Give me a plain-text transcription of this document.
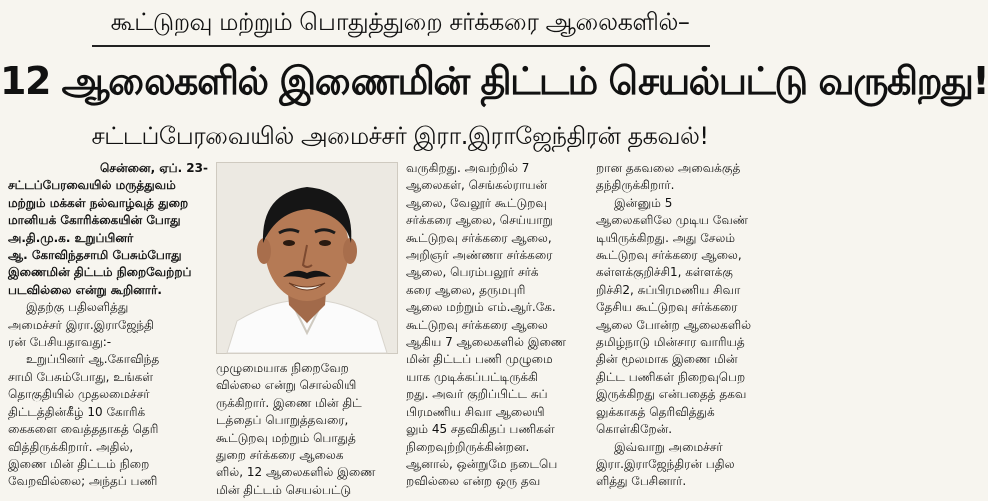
கூட்டுறவு மற்றும் பொதுத்துறை சர்க்கரை ஆலைகளில்–
12 ஆலைகளில் இணைமின் திட்டம் செயல்பட்டு வருகிறது!
சட்டப்பேரவையில் அமைச்சர் இரா.இராஜேந்திரன் தகவல்!

சென்னை, ஏப். 23-

சட்டப்பேரவையில் மருத்துவம்

மற்றும் மக்கள் நல்வாழ்வுத் துறை

மானியக் கோரிக்கையின் போது

அ.தி.மு.க. உறுப்பினர்

ஆ. கோவிந்தசாமி பேசும்போது

இணைமின் திட்டம் நிறைவேற்றப்

படவில்லை என்று கூறினார்.

இதற்கு பதிலளித்து

அமைச்சர் இரா.இராஜேந்தி

ரன் பேசியதாவது:-

உறுப்பினர் ஆ.கோவிந்த

சாமி பேசும்போது, உங்கள்

தொகுதியில் முதலமைச்சர்

திட்டத்தின்கீழ் 10 கோரிக்

கைகளை வைத்ததாகத் தெரி

வித்திருக்கிறார். அதில்,

இணை மின் திட்டம் நிறை

வேறவில்லை; அந்தப் பணி

முழுமையாக நிறைவேற

வில்லை என்று சொல்லியி

ருக்கிறார். இணை மின் திட்

டத்தைப் பொறுத்தவரை,

கூட்டுறவு மற்றும் பொதுத்

துறை சர்க்கரை ஆலைக

ளில், 12 ஆலைகளில் இணை

மின் திட்டம் செயல்பட்டு

வருகிறது. அவற்றில் 7

ஆலைகள், செங்கல்ராயன்

ஆலை, வேலூர் கூட்டுறவு

சர்க்கரை ஆலை, செய்யாறு

கூட்டுறவு சர்க்கரை ஆலை,

அறிஞர் அண்ணா சர்க்கரை

ஆலை, பெரம்பலூர் சர்க்

கரை ஆலை, தருமபுரி

ஆலை மற்றும் எம்.ஆர்.கே.

கூட்டுறவு சர்க்கரை ஆலை

ஆகிய 7 ஆலைகளில் இணை

மின் திட்டப் பணி முழுமை

யாக முடிக்கப்பட்டிருக்கி

றது. அவர் குறிப்பிட்ட சுப்

பிரமணிய சிவா ஆலையி

லும் 45 சதவிகிதப் பணிகள்

நிறைவுற்றிருக்கின்றன.

ஆனால், ஒன்றுமே நடைபெ

றவில்லை என்ற ஒரு தவ

றான தகவலை அவைக்குத்

தந்திருக்கிறார்.

இன்னும் 5

ஆலைகளிலே முடிய வேண்

டியிருக்கிறது. அது சேலம்

கூட்டுறவு சர்க்கரை ஆலை,

கள்ளக்குறிச்சி1, கள்ளக்கு

றிச்சி2, சுப்பிரமணிய சிவா

தேசிய கூட்டுறவு சர்க்கரை

ஆலை போன்ற ஆலைகளில்

தமிழ்நாடு மின்சார வாரியத்

தின் மூலமாக இணை மின்

திட்ட பணிகள் நிறைவுபெற

இருக்கிறது என்பதைத் தகவ

லுக்காகத் தெரிவித்துக்

கொள்கிறேன்.

இவ்வாறு அமைச்சர்

இரா.இராஜேந்திரன் பதில

ளித்து பேசினார்.
